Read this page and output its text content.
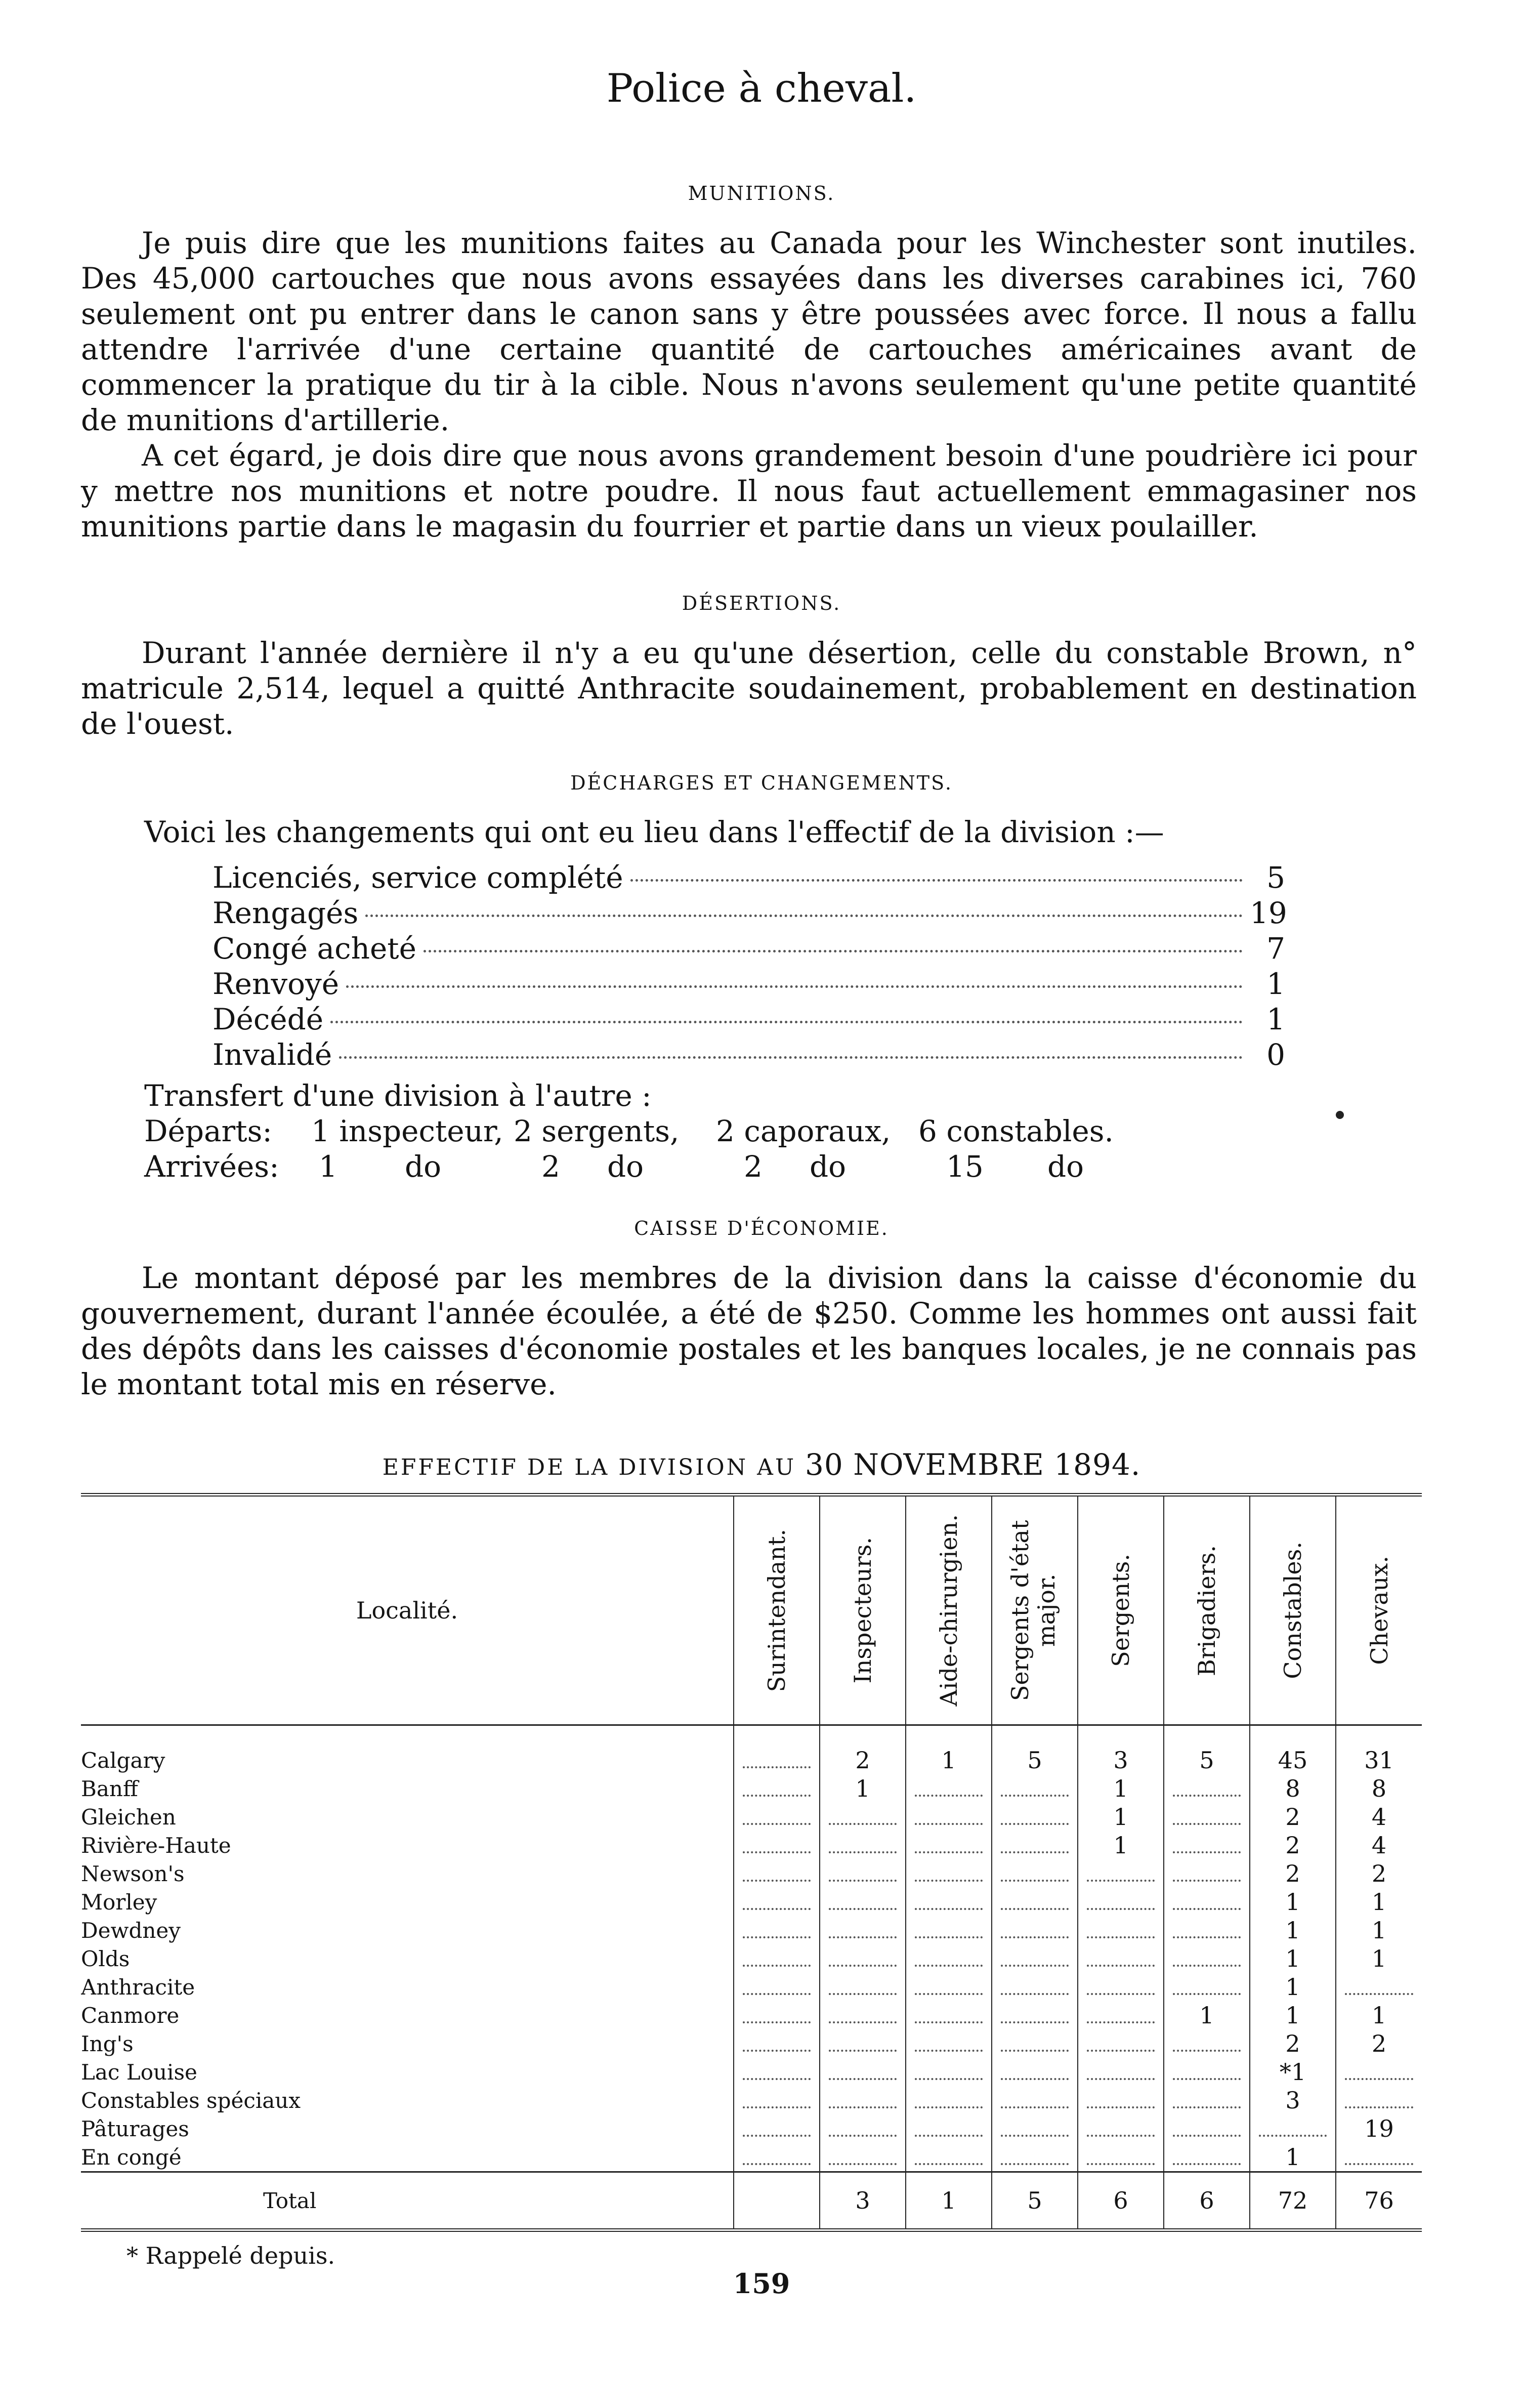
Police à cheval.
MUNITIONS.

Je puis dire que les munitions faites au Canada pour les Winchester sont inutiles. Des 45,000 cartouches que nous avons essayées dans les diverses carabines ici, 760 seulement ont pu entrer dans le canon sans y être poussées avec force. Il nous a fallu attendre l'arrivée d'une certaine quantité de cartouches américaines avant de commencer la pratique du tir à la cible. Nous n'avons seulement qu'une petite quantité de munitions d'artillerie.

A cet égard, je dois dire que nous avons grandement besoin d'une poudrière ici pour y mettre nos munitions et notre poudre. Il nous faut actuellement emmagasiner nos munitions partie dans le magasin du fourrier et partie dans un vieux poulailler.

DÉSERTIONS.

Durant l'année dernière il n'y a eu qu'une désertion, celle du constable Brown, n° matricule 2,514, lequel a quitté Anthracite soudainement, probablement en destination de l'ouest.

DÉCHARGES ET CHANGEMENTS.
Voici les changements qui ont eu lieu dans l'effectif de la division :—
Licenciés, service complété	5
Rengagés	19
Congé acheté	7
Renvoyé	1
Décédé	1
Invalidé	0
Transfert d'une division à l'autre :
Départs:	1 inspecteur, 2 sergents,	2 caporaux, 6 constables.
Arrivées:	1	do	2	do	2	do	15	do
CAISSE D'ÉCONOMIE.

Le montant déposé par les membres de la division dans la caisse d'économie du gouvernement, durant l'année écoulée, a été de $250. Comme les hommes ont aussi fait des dépôts dans les caisses d'économie postales et les banques locales, je ne connais pas le montant total mis en réserve.

EFFECTIF DE LA DIVISION AU 30 NOVEMBRE 1894.
Localité.	Surintendant.	Inspecteurs.	Aide-chirurgien.	Sergents d'état major.	Sergents.	Brigadiers.	Constables.	Chevaux.

Calgary		2	1	5	3	5	45	31
Banff		1			1		8	8
Gleichen					1		2	4
Rivière-Haute					1		2	4
Newson's							2	2
Morley							1	1
Dewdney							1	1
Olds							1	1
Anthracite							1	
Canmore						1	1	1
Ing's							2	2
Lac Louise							*1	
Constables spéciaux							3	
Pâturages								19
En congé							1	
Total		3	1	5	6	6	72	76
* Rappelé depuis.
159
